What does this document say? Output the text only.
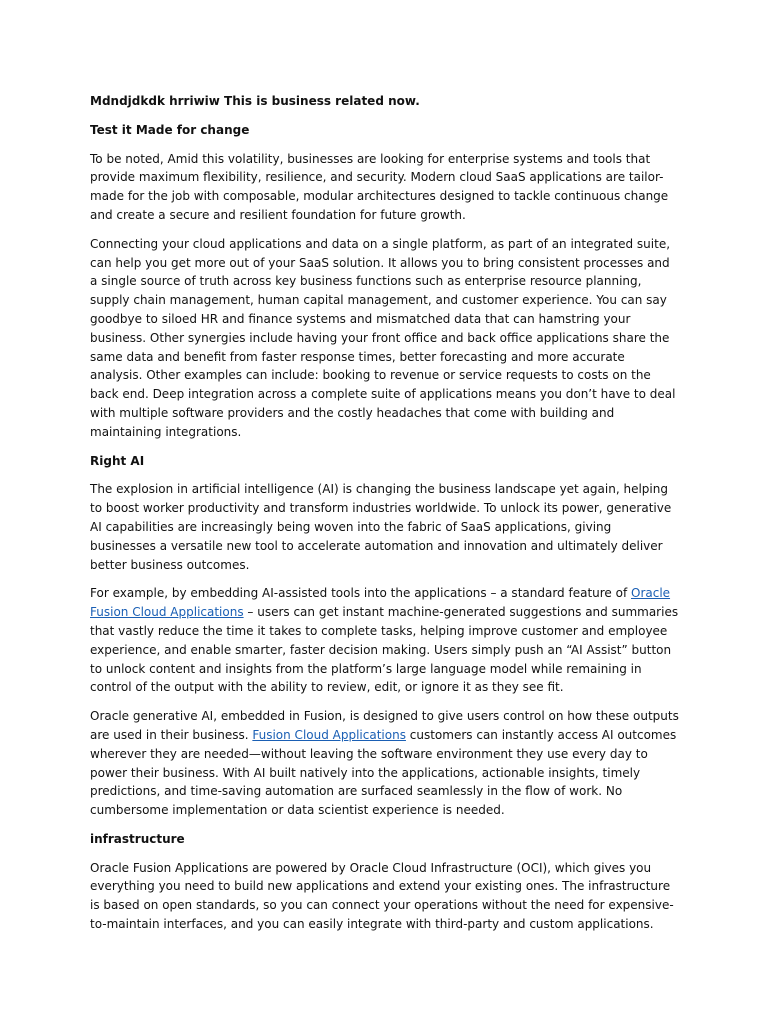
Mdndjdkdk hrriwiw This is business related now.

Test it Made for change

To be noted, Amid this volatility, businesses are looking for enterprise systems and tools that provide maximum flexibility, resilience, and security. Modern cloud SaaS applications are tailor-made for the job with composable, modular architectures designed to tackle continuous change and create a secure and resilient foundation for future growth.

Connecting your cloud applications and data on a single platform, as part of an integrated suite, can help you get more out of your SaaS solution. It allows you to bring consistent processes and a single source of truth across key business functions such as enterprise resource planning, supply chain management, human capital management, and customer experience. You can say goodbye to siloed HR and finance systems and mismatched data that can hamstring your business. Other synergies include having your front office and back office applications share the same data and benefit from faster response times, better forecasting and more accurate analysis. Other examples can include: booking to revenue or service requests to costs on the back end. Deep integration across a complete suite of applications means you don’t have to deal with multiple software providers and the costly headaches that come with building and maintaining integrations.

Right AI

The explosion in artificial intelligence (AI) is changing the business landscape yet again, helping to boost worker productivity and transform industries worldwide. To unlock its power, generative AI capabilities are increasingly being woven into the fabric of SaaS applications, giving businesses a versatile new tool to accelerate automation and innovation and ultimately deliver better business outcomes.

For example, by embedding AI-assisted tools into the applications – a standard feature of Oracle Fusion Cloud Applications – users can get instant machine-generated suggestions and summaries that vastly reduce the time it takes to complete tasks, helping improve customer and employee experience, and enable smarter, faster decision making. Users simply push an “AI Assist” button to unlock content and insights from the platform’s large language model while remaining in control of the output with the ability to review, edit, or ignore it as they see fit.

Oracle generative AI, embedded in Fusion, is designed to give users control on how these outputs are used in their business. Fusion Cloud Applications customers can instantly access AI outcomes wherever they are needed—without leaving the software environment they use every day to power their business. With AI built natively into the applications, actionable insights, timely predictions, and time-saving automation are surfaced seamlessly in the flow of work. No cumbersome implementation or data scientist experience is needed.

infrastructure

Oracle Fusion Applications are powered by Oracle Cloud Infrastructure (OCI), which gives you everything you need to build new applications and extend your existing ones. The infrastructure is based on open standards, so you can connect your operations without the need for expensive-to-maintain interfaces, and you can easily integrate with third-party and custom applications.
